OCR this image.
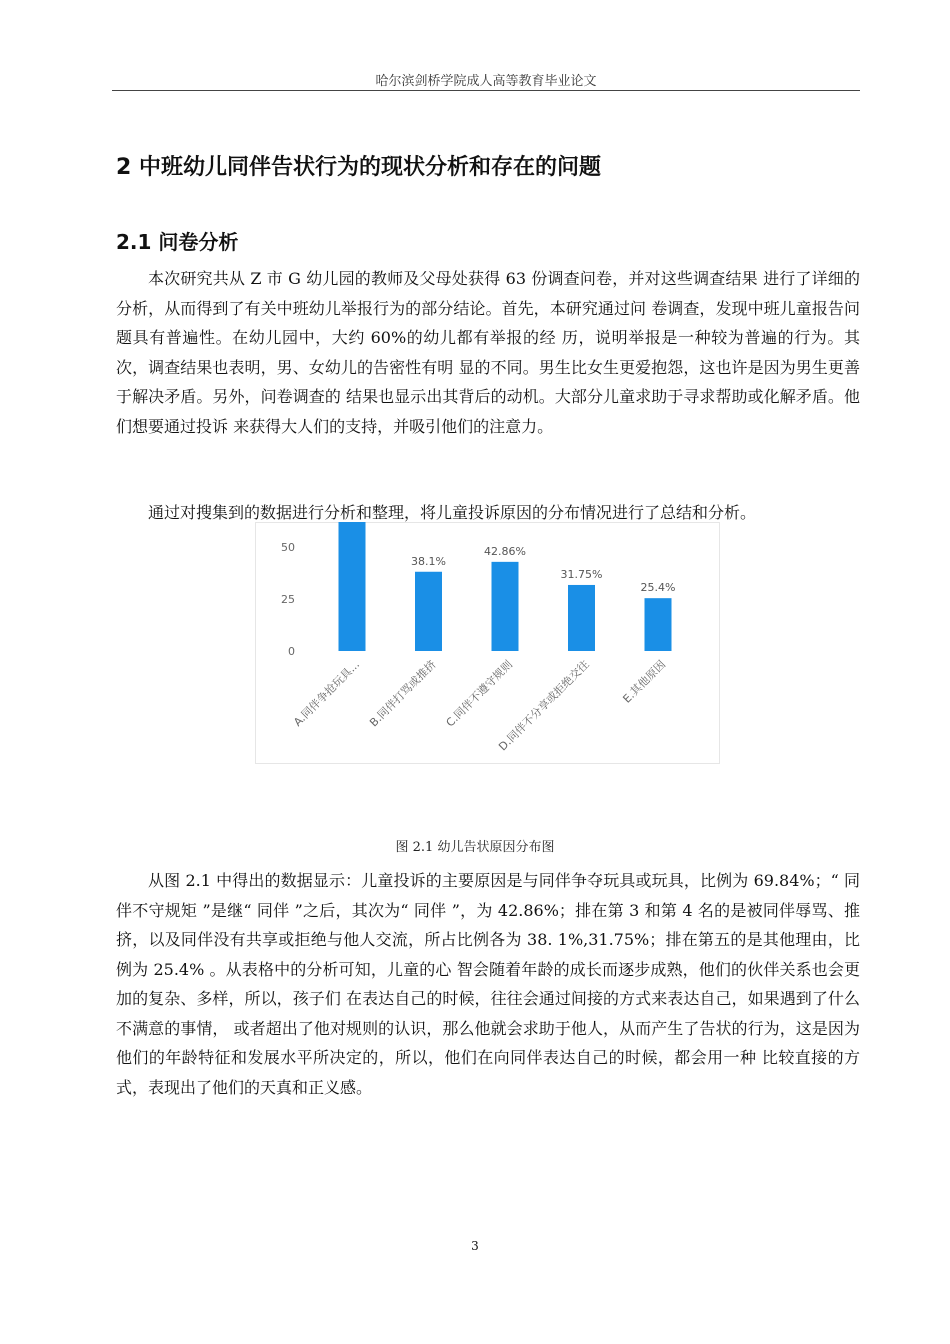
哈尔滨剑桥学院成人高等教育毕业论文
2 中班幼儿同伴告状行为的现状分析和存在的问题
2.1 问卷分析

本次研究共从 Z 市 G 幼儿园的教师及父母处获得 63 份调查问卷，并对这些调查结果 进行了详细的分析，从而得到了有关中班幼儿举报行为的部分结论。首先，本研究通过问 卷调查，发现中班儿童报告问题具有普遍性。在幼儿园中，大约 60%的幼儿都有举报的经 历，说明举报是一种较为普遍的行为。其次，调查结果也表明，男、女幼儿的告密性有明 显的不同。男生比女生更爱抱怨，这也许是因为男生更善于解决矛盾。另外，问卷调查的 结果也显示出其背后的动机。大部分儿童求助于寻求帮助或化解矛盾。他们想要通过投诉 来获得大人们的支持，并吸引他们的注意力。

通过对搜集到的数据进行分析和整理，将儿童投诉原因的分布情况进行了总结和分析。

0
25
50
38.1%
42.86%
31.75%
25.4%
A.同伴争抢玩具... B.同伴打骂或推挤 C.同伴不遵守规则
D.同伴不分享或拒绝交往	E.其他原因
图 2.1 幼儿告状原因分布图

从图 2.1 中得出的数据显示：儿童投诉的主要原因是与同伴争夺玩具或玩具，比例为 69.84%；“ 同伴不守规矩 ”是继“ 同伴 ”之后，其次为“ 同伴 ”，为 42.86%；排在第 3 和第 4 名的是被同伴辱骂、推挤，以及同伴没有共享或拒绝与他人交流，所占比例各为 38. 1%,31.75%；排在第五的是其他理由，比例为 25.4% 。从表格中的分析可知，儿童的心 智会随着年龄的成长而逐步成熟，他们的伙伴关系也会更加的复杂、多样，所以，孩子们 在表达自己的时候，往往会通过间接的方式来表达自己，如果遇到了什么不满意的事情， 或者超出了他对规则的认识，那么他就会求助于他人，从而产生了告状的行为，这是因为 他们的年龄特征和发展水平所决定的，所以，他们在向同伴表达自己的时候，都会用一种 比较直接的方式，表现出了他们的天真和正义感。

3
